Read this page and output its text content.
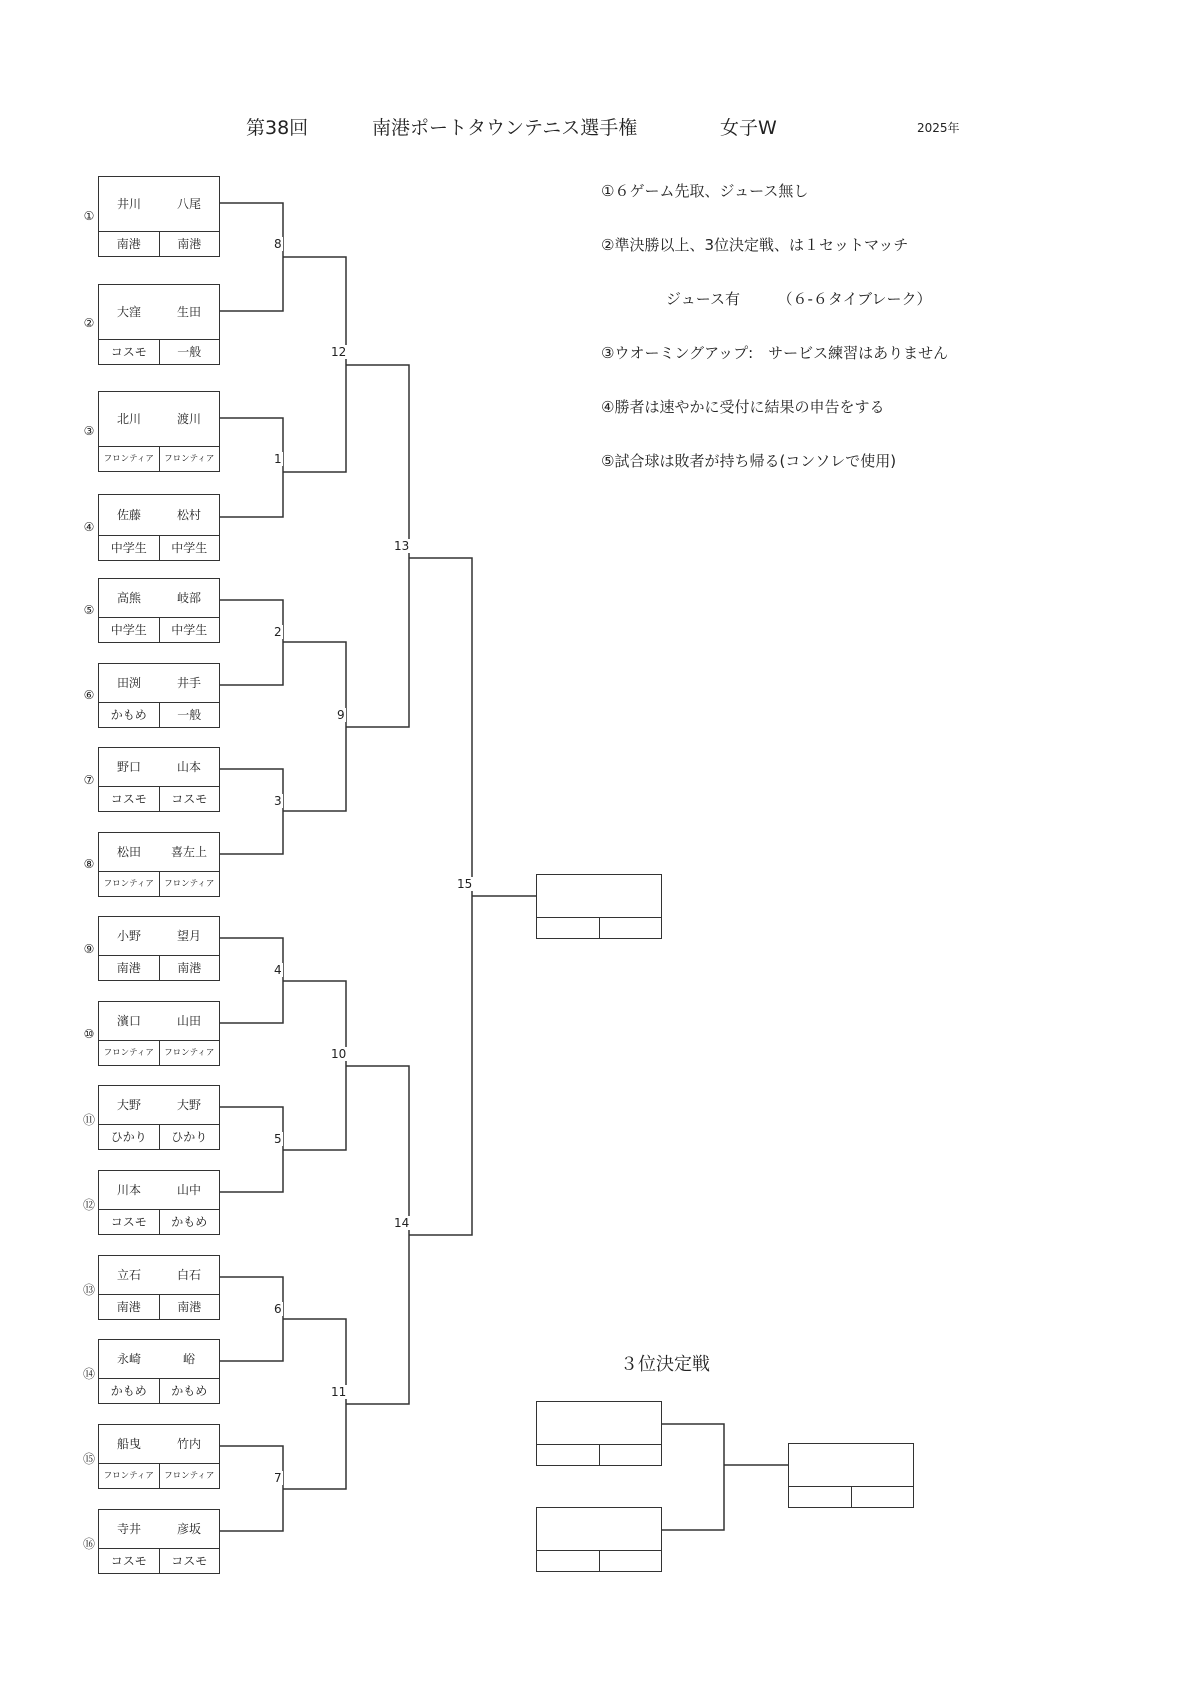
第38回	南港ポートタウンテニス選手権	女子W	2025年
①６ゲーム先取、ジュース無し
②準決勝以上、3位決定戦、は１セットマッチ
ジュース有　　　（６-６タイブレーク）
③ウオーミングアップ:　サービス練習はありません
④勝者は速やかに受付に結果の申告をする
⑤試合球は敗者が持ち帰る(コンソレで使用)
①
②
③
④
⑤
⑥
⑦
⑧
⑨
⑩
⑪
⑫
⑬
⑭
⑮
⑯
井川	八尾
南港	南港
大窪	生田
コスモ	一般
北川	渡川
フロンティア	フロンティア
佐藤	松村
中学生	中学生
高熊	岐部
中学生	中学生
田渕	井手
かもめ	一般
野口	山本
コスモ	コスモ
松田	喜左上
フロンティア	フロンティア
小野	望月
南港	南港
濱口	山田
フロンティア	フロンティア
大野	大野
ひかり	ひかり
川本	山中
コスモ	かもめ
立石	白石
南港	南港
永崎	峪
かもめ	かもめ
船曳	竹内
フロンティア	フロンティア
寺井	彦坂
コスモ	コスモ
8
1
2
3
4
5
6
7
12
9
10
11
13
14
15
３位決定戦
